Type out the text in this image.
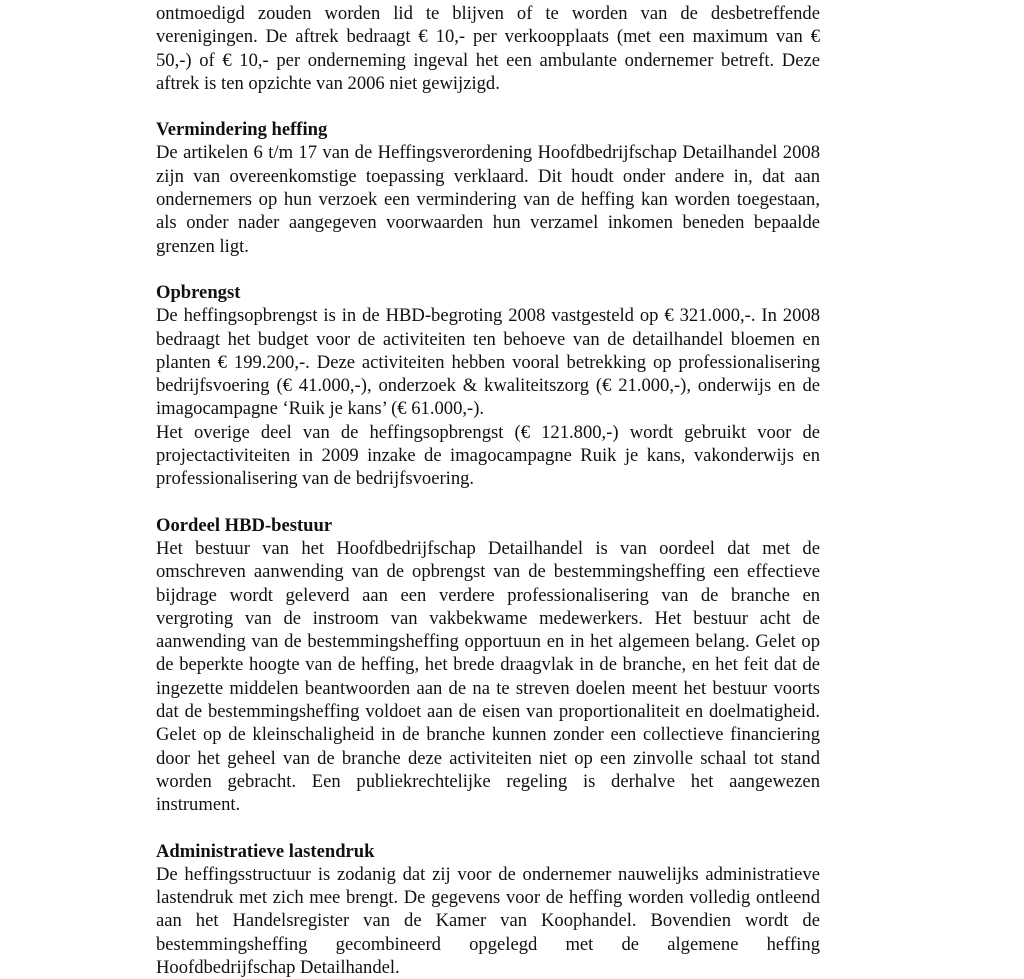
ontmoedigd zouden worden lid te blijven of te worden van de desbetreffende verenigingen. De aftrek bedraagt € 10,- per verkoopplaats (met een maximum van € 50,-) of € 10,- per onderneming ingeval het een ambulante ondernemer betreft. Deze aftrek is ten opzichte van 2006 niet gewijzigd.

Vermindering heffing

De artikelen 6 t/m 17 van de Heffingsverordening Hoofdbedrijfschap Detailhandel 2008 zijn van overeenkomstige toepassing verklaard. Dit houdt onder andere in, dat aan ondernemers op hun verzoek een vermindering van de heffing kan worden toegestaan, als onder nader aangegeven voorwaarden hun verzamel inkomen beneden bepaalde grenzen ligt.

Opbrengst

De heffingsopbrengst is in de HBD-begroting 2008 vastgesteld op € 321.000,-. In 2008 bedraagt het budget voor de activiteiten ten behoeve van de detailhandel bloemen en planten € 199.200,-. Deze activiteiten hebben vooral betrekking op professionalisering bedrijfsvoering (€ 41.000,-), onderzoek & kwaliteitszorg (€ 21.000,-), onderwijs en de imagocampagne ‘Ruik je kans’ (€ 61.000,-).

Het overige deel van de heffingsopbrengst (€ 121.800,-) wordt gebruikt voor de projectactiviteiten in 2009 inzake de imagocampagne Ruik je kans, vakonderwijs en professionalisering van de bedrijfsvoering.

Oordeel HBD-bestuur

Het bestuur van het Hoofdbedrijfschap Detailhandel is van oordeel dat met de omschreven aanwending van de opbrengst van de bestemmingsheffing een effectieve bijdrage wordt geleverd aan een verdere professionalisering van de branche en vergroting van de instroom van vakbekwame medewerkers. Het bestuur acht de aanwending van de bestemmingsheffing opportuun en in het algemeen belang. Gelet op de beperkte hoogte van de heffing, het brede draagvlak in de branche, en het feit dat de ingezette middelen beantwoorden aan de na te streven doelen meent het bestuur voorts dat de bestemmingsheffing voldoet aan de eisen van proportionaliteit en doelmatigheid. Gelet op de kleinschaligheid in de branche kunnen zonder een collectieve financiering door het geheel van de branche deze activiteiten niet op een zinvolle schaal tot stand worden gebracht. Een publiekrechtelijke regeling is derhalve het aangewezen instrument.

Administratieve lastendruk

De heffingsstructuur is zodanig dat zij voor de ondernemer nauwelijks administratieve lastendruk met zich mee brengt. De gegevens voor de heffing worden volledig ontleend aan het Handelsregister van de Kamer van Koophandel. Bovendien wordt de bestemmingsheffing gecombineerd opgelegd met de algemene heffing Hoofdbedrijfschap Detailhandel.
